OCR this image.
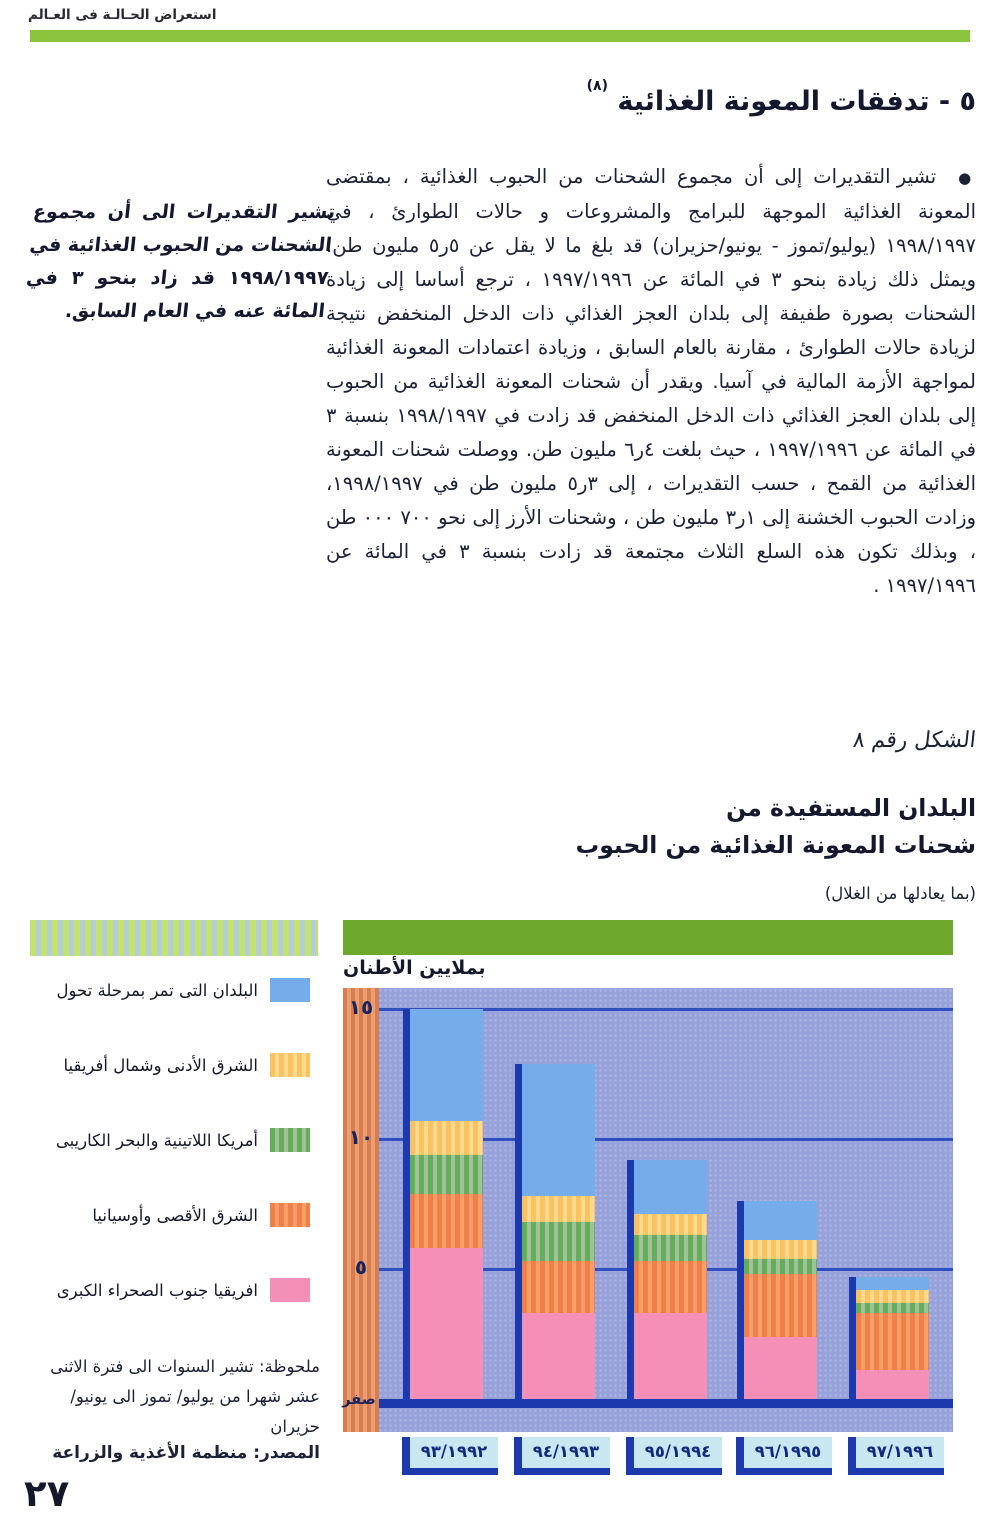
استعراض الحـالـة فى العـالم
٥ - تدفقات المعونة الغذائية‏ $^{(٨)}$
●  تشير التقديرات إلى أن مجموع الشحنات من الحبوب الغذائية ، بمقتضى المعونة الغذائية الموجهة للبرامج والمشروعات و حالات الطوارئ ، في ١٩٩٨/١٩٩٧ (يوليو/تموز - يونيو/حزيران) قد بلغ ما لا يقل عن ٥ر٥ مليون طن. ويمثل ذلك زيادة بنحو ٣ في المائة عن ١٩٩٧/١٩٩٦ ، ترجع أساسا إلى زيادة الشحنات بصورة طفيفة إلى بلدان العجز الغذائي ذات الدخل المنخفض نتيجة لزيادة حالات الطوارئ ، مقارنة بالعام السابق ، وزيادة اعتمادات المعونة الغذائية لمواجهة الأزمة المالية في آسيا. ويقدر أن شحنات المعونة الغذائية من الحبوب إلى بلدان العجز الغذائي ذات الدخل المنخفض قد زادت في ١٩٩٨/١٩٩٧ بنسبة ٣ في المائة عن ١٩٩٧/١٩٩٦ ، حيث بلغت ٤ر٦ مليون طن. ووصلت شحنات المعونة الغذائية من القمح ، حسب التقديرات ، إلى ٣ر٥ مليون طن في ١٩٩٨/١٩٩٧، وزادت الحبوب الخشنة إلى ١ر٣ مليون طن ، وشحنات الأرز إلى نحو ٧٠٠ ٠٠٠ طن ، وبذلك تكون هذه السلع الثلاث مجتمعة قد زادت بنسبة ٣ في المائة عن ١٩٩٧/١٩٩٦ .
تشير التقديرات الى أن مجموع الشحنات من الحبوب الغذائية في ١٩٩٨/١٩٩٧ قد زاد بنحو ٣ في المائة عنه في العام السابق.
الشكل رقم ٨
البلدان المستفيدة من
شحنات المعونة الغذائية من الحبوب
(بما يعادلها من الغلال)
البلدان التى تمر بمرحلة تحول
الشرق الأدنى وشمال أفريقيا
أمريكا اللاتينية والبحر الكاريبى
الشرق الأقصى وأوسيانيا
افريقيا جنوب الصحراء الكبرى
ملحوظة: تشير السنوات الى فترة الاثنى
عشر شهرا من يوليو/ تموز الى يونيو/حزيران
المصدر: منظمة الأغذية والزراعة
٢٧
بملايين الأطنان
١٥
١٠
٥
صفر
٩٣/١٩٩٢	٩٤/١٩٩٣	٩٥/١٩٩٤	٩٦/١٩٩٥	٩٧/١٩٩٦
